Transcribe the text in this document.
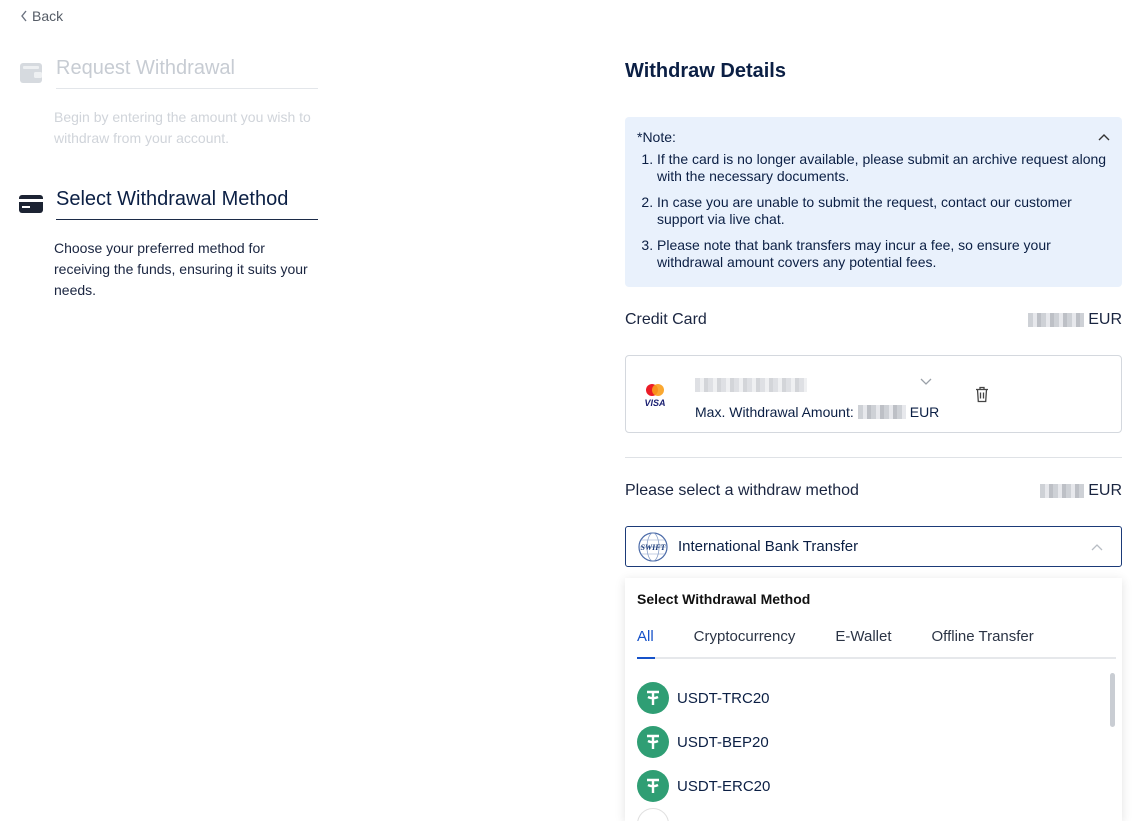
Back
Request Withdrawal
Begin by entering the amount you wish to withdraw from your account.
Select Withdrawal Method
Choose your preferred method for receiving the funds, ensuring it suits your needs.
Withdraw Details
*Note:
1. If the card is no longer available, please submit an archive request along with the necessary documents.
2. In case you are unable to submit the request, contact our customer support via live chat.
3. Please note that bank transfers may incur a fee, so ensure your withdrawal amount covers any potential fees.
Credit Card	EUR
VISA
Max. Withdrawal Amount:	EUR
Please select a withdraw method	EUR
SWIFT International Bank Transfer
Select Withdrawal Method
All	Cryptocurrency	E-Wallet	Offline Transfer
USDT-TRC20
USDT-BEP20
USDT-ERC20
